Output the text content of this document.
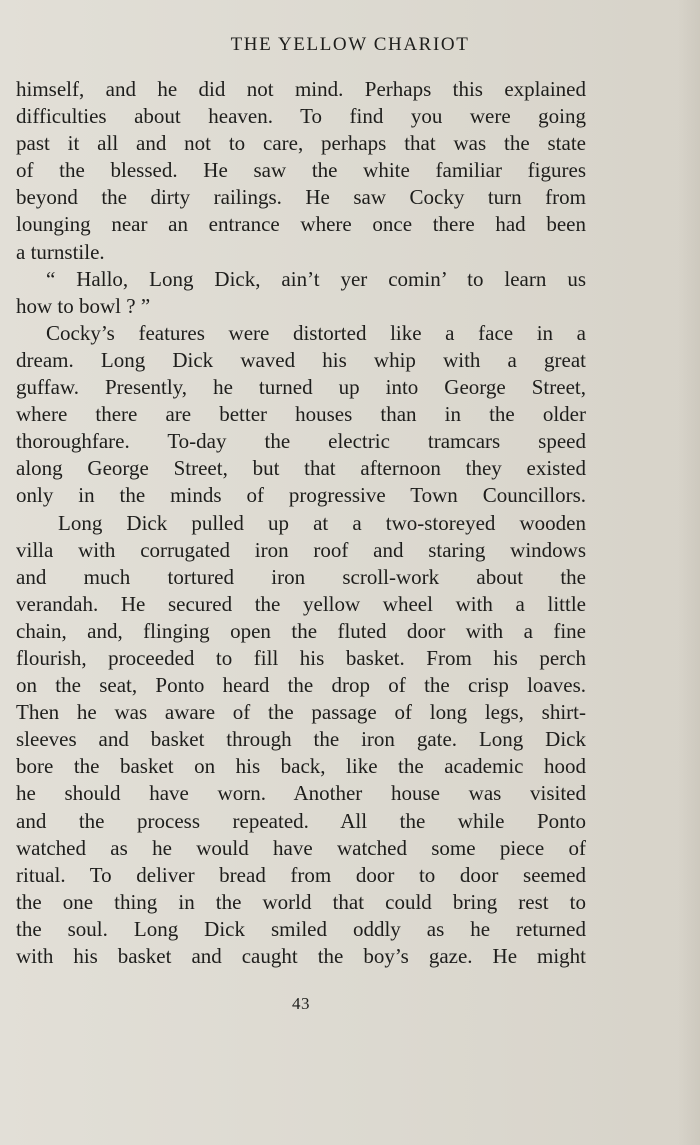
THE YELLOW CHARIOT
himself, and he did not mind. Perhaps this explained
difficulties about heaven. To find you were going
past it all and not to care, perhaps that was the state
of the blessed. He saw the white familiar figures
beyond the dirty railings. He saw Cocky turn from
lounging near an entrance where once there had been
a turnstile.
“ Hallo, Long Dick, ain’t yer comin’ to learn us
how to bowl ? ”
Cocky’s features were distorted like a face in a
dream. Long Dick waved his whip with a great
guffaw. Presently, he turned up into George Street,
where there are better houses than in the older
thoroughfare. To-day the electric tramcars speed
along George Street, but that afternoon they existed
only in the minds of progressive Town Councillors.
Long Dick pulled up at a two-storeyed wooden
villa with corrugated iron roof and staring windows
and much tortured iron scroll-work about the
verandah. He secured the yellow wheel with a little
chain, and, flinging open the fluted door with a fine
flourish, proceeded to fill his basket. From his perch
on the seat, Ponto heard the drop of the crisp loaves.
Then he was aware of the passage of long legs, shirt-
sleeves and basket through the iron gate. Long Dick
bore the basket on his back, like the academic hood
he should have worn. Another house was visited
and the process repeated. All the while Ponto
watched as he would have watched some piece of
ritual. To deliver bread from door to door seemed
the one thing in the world that could bring rest to
the soul. Long Dick smiled oddly as he returned
with his basket and caught the boy’s gaze. He might
43
